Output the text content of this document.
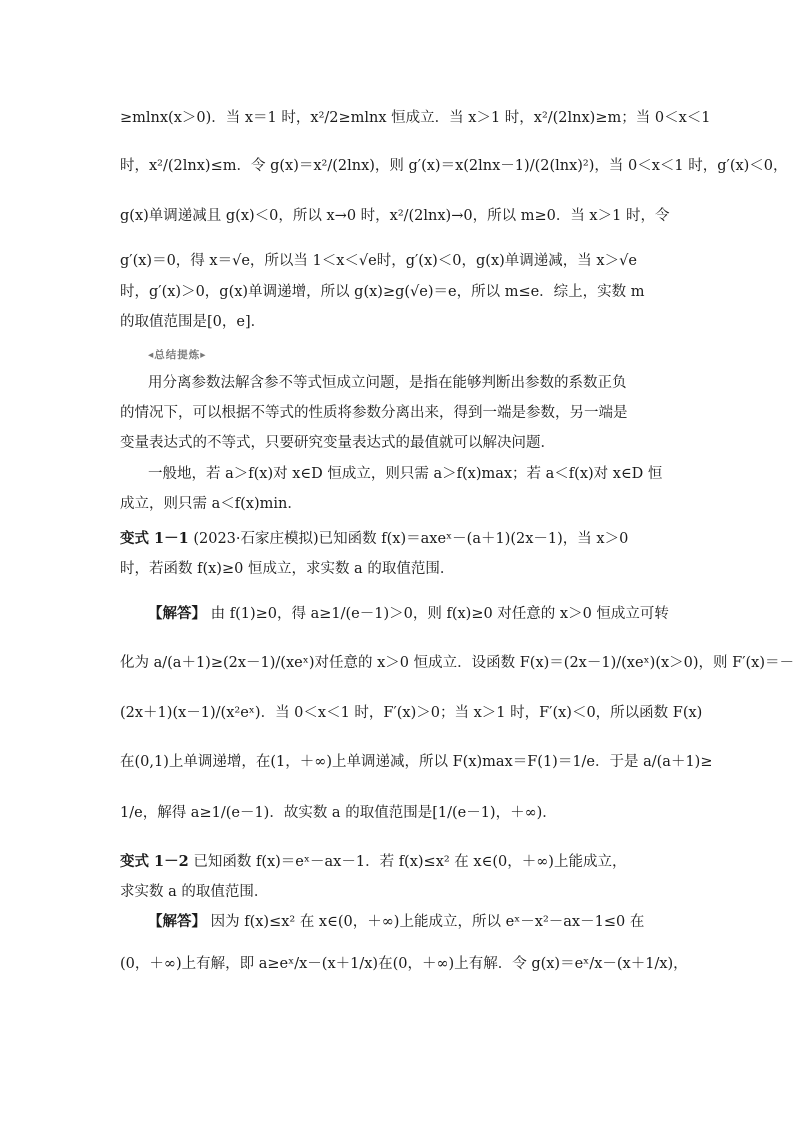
≥mlnx(x＞0)．当 x＝1 时，x²/2≥mlnx 恒成立．当 x＞1 时，x²/(2lnx)≥m；当 0＜x＜1
时，x²/(2lnx)≤m．令 g(x)＝x²/(2lnx)，则 g′(x)＝x(2lnx－1)/(2(lnx)²)，当 0＜x＜1 时，g′(x)＜0，
g(x)单调递减且 g(x)＜0，所以 x→0 时，x²/(2lnx)→0，所以 m≥0．当 x＞1 时，令
g′(x)＝0，得 x＝√e，所以当 1＜x＜√e时，g′(x)＜0，g(x)单调递减，当 x＞√e
时，g′(x)＞0，g(x)单调递增，所以 g(x)≥g(√e)＝e，所以 m≤e．综上，实数 m
的取值范围是[0，e]．
◂总结提炼▸
用分离参数法解含参不等式恒成立问题，是指在能够判断出参数的系数正负
的情况下，可以根据不等式的性质将参数分离出来，得到一端是参数，另一端是
变量表达式的不等式，只要研究变量表达式的最值就可以解决问题．
一般地，若 a＞f(x)对 x∈D 恒成立，则只需 a＞f(x)max；若 a＜f(x)对 x∈D 恒
成立，则只需 a＜f(x)min．
变式 1－1 (2023·石家庄模拟)已知函数 f(x)＝axeˣ－(a＋1)(2x－1)，当 x＞0
时，若函数 f(x)≥0 恒成立，求实数 a 的取值范围．
【解答】 由 f(1)≥0，得 a≥1/(e－1)＞0，则 f(x)≥0 对任意的 x＞0 恒成立可转
化为 a/(a＋1)≥(2x－1)/(xeˣ)对任意的 x＞0 恒成立．设函数 F(x)＝(2x－1)/(xeˣ)(x＞0)，则 F′(x)＝－
(2x＋1)(x－1)/(x²eˣ)．当 0＜x＜1 时，F′(x)＞0；当 x＞1 时，F′(x)＜0，所以函数 F(x)
在(0,1)上单调递增，在(1，＋∞)上单调递减，所以 F(x)max＝F(1)＝1/e．于是 a/(a＋1)≥
1/e，解得 a≥1/(e－1)．故实数 a 的取值范围是[1/(e－1)，＋∞)．
变式 1－2 已知函数 f(x)＝eˣ－ax－1．若 f(x)≤x² 在 x∈(0，＋∞)上能成立，
求实数 a 的取值范围．
【解答】 因为 f(x)≤x² 在 x∈(0，＋∞)上能成立，所以 eˣ－x²－ax－1≤0 在
(0，＋∞)上有解，即 a≥eˣ/x－(x＋1/x)在(0，＋∞)上有解．令 g(x)＝eˣ/x－(x＋1/x)，
